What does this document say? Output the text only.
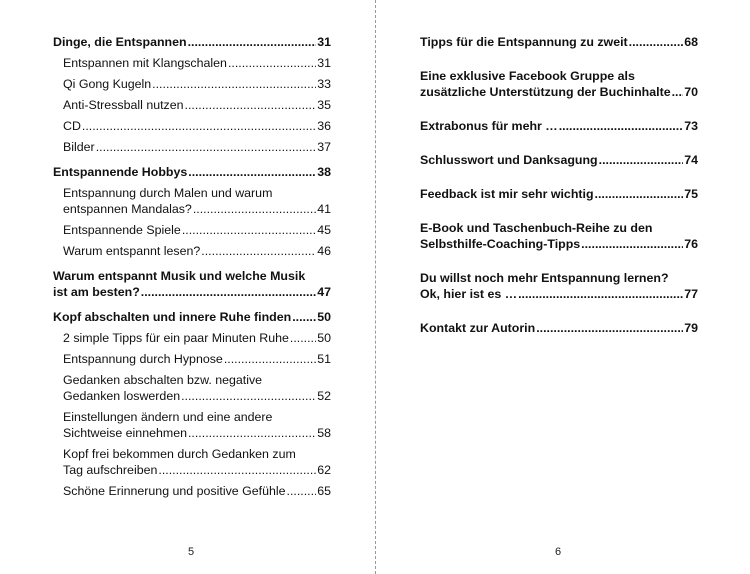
Dinge, die Entspannen .....	31
Entspannen mit Klangschalen .....	31
Qi Gong Kugeln .....	33
Anti-Stressball nutzen .....	35
CD .....	36
Bilder .....	37
Entspannende Hobbys .....	38
Entspannung durch Malen und warum
entspannen Mandalas? .....	41
Entspannende Spiele .....	45
Warum entspannt lesen? .....	46
Warum entspannt Musik und welche Musik
ist am besten? .....	47
Kopf abschalten und innere Ruhe finden ..... 50
2 simple Tipps für ein paar Minuten Ruhe ..... 50
Entspannung durch Hypnose .....	51
Gedanken abschalten bzw. negative
Gedanken loswerden .....	52
Einstellungen ändern und eine andere
Sichtweise einnehmen .....	58
Kopf frei bekommen durch Gedanken zum
Tag aufschreiben .....	62
Schöne Erinnerung und positive Gefühle .....	65
5
Tipps für die Entspannung zu zweit .....	68
Eine exklusive Facebook Gruppe als
zusätzliche Unterstützung der Buchinhalte ..... 70
Extrabonus für mehr … .....	73
Schlusswort und Danksagung .....	74
Feedback ist mir sehr wichtig .....	75
E-Book und Taschenbuch-Reihe zu den
Selbsthilfe-Coaching-Tipps .....	76
Du willst noch mehr Entspannung lernen?
Ok, hier ist es … .....	77
Kontakt zur Autorin .....	79
6
